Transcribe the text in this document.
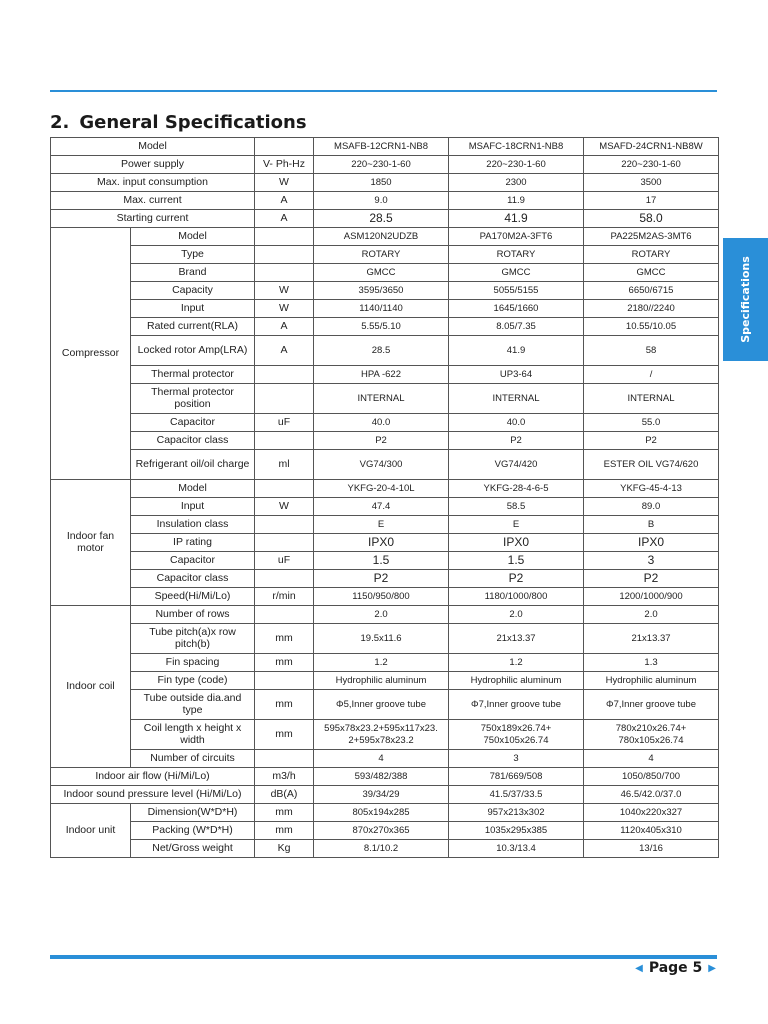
2. General Specifications
Specifications
Model			MSAFB-12CRN1-NB8	MSAFC-18CRN1-NB8	MSAFD-24CRN1-NB8W
Power supply		V- Ph-Hz	220~230-1-60	220~230-1-60	220~230-1-60
Max. input consumption		W	1850	2300	3500
Max. current		A	9.0	11.9	17
Starting current		A	28.5	41.9	58.0
Compressor	Model		ASM120N2UDZB	PA170M2A-3FT6	PA225M2AS-3MT6
	Type		ROTARY	ROTARY	ROTARY
	Brand		GMCC	GMCC	GMCC
	Capacity	W	3595/3650	5055/5155	6650/6715
	Input	W	1140/1140	1645/1660	2180//2240
	Rated current(RLA)	A	5.55/5.10	8.05/7.35	10.55/10.05
	Locked rotor Amp(LRA)	A	28.5	41.9	58
	Thermal protector		HPA -622	UP3-64	/
	Thermal protector position		INTERNAL	INTERNAL	INTERNAL
	Capacitor	uF	40.0	40.0	55.0
	Capacitor class		P2	P2	P2
	Refrigerant oil/oil charge	ml	VG74/300	VG74/420	ESTER OIL VG74/620
Indoor fan motor	Model		YKFG-20-4-10L	YKFG-28-4-6-5	YKFG-45-4-13
	Input	W	47.4	58.5	89.0
	Insulation class		E	E	B
	IP rating		IPX0	IPX0	IPX0
	Capacitor	uF	1.5	1.5	3
	Capacitor class		P2	P2	P2
	Speed(Hi/Mi/Lo)	r/min	1150/950/800	1180/1000/800	1200/1000/900
Indoor coil	Number of rows		2.0	2.0	2.0
	Tube pitch(a)x row pitch(b)	mm	19.5x11.6	21x13.37	21x13.37
	Fin spacing	mm	1.2	1.2	1.3
	Fin type (code)		Hydrophilic aluminum	Hydrophilic aluminum	Hydrophilic aluminum
	Tube outside dia.and type	mm	Φ5,Inner groove tube	Φ7,Inner groove tube	Φ7,Inner groove tube
	Coil length x height x width	mm	595x78x23.2+595x117x23. 2+595x78x23.2	750x189x26.74+ 750x105x26.74	780x210x26.74+ 780x105x26.74
	Number of circuits		4	3	4
Indoor air flow (Hi/Mi/Lo)		m3/h	593/482/388	781/669/508	1050/850/700
Indoor sound pressure level (Hi/Mi/Lo)		dB(A)	39/34/29	41.5/37/33.5	46.5/42.0/37.0
Indoor unit	Dimension(W*D*H)	mm	805x194x285	957x213x302	1040x220x327
	Packing (W*D*H)	mm	870x270x365	1035x295x385	1120x405x310
	Net/Gross weight	Kg	8.1/10.2	10.3/13.4	13/16
◀ Page 5 ▶
